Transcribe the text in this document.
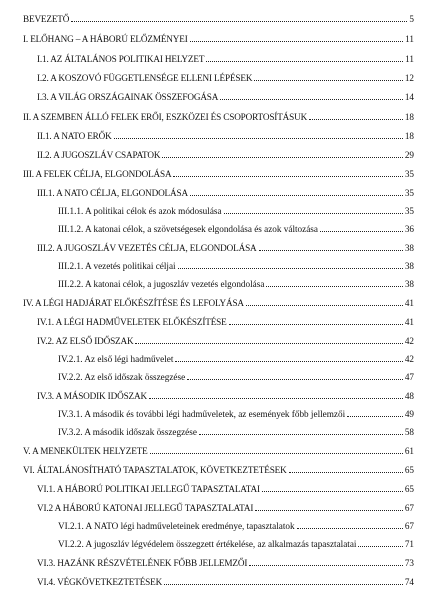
BEVEZETŐ	5
I. ELŐHANG – A HÁBORÚ ELŐZMÉNYEI	11
I.1. AZ ÁLTALÁNOS POLITIKAI HELYZET	11
I.2. A KOSZOVÓ FÜGGETLENSÉGE ELLENI LÉPÉSEK	12
I.3. A VILÁG ORSZÁGAINAK ÖSSZEFOGÁSA	14
II. A SZEMBEN ÁLLÓ FELEK ERŐI, ESZKÖZEI ÉS CSOPORTOSÍTÁSUK	18
II.1. A NATO ERŐK	18
II.2. A JUGOSZLÁV CSAPATOK	29
III. A FELEK CÉLJA, ELGONDOLÁSA	35
III.1. A NATO CÉLJA, ELGONDOLÁSA	35
III.1.1. A politikai célok és azok módosulása	35
III.1.2. A katonai célok, a szövetségesek elgondolása és azok változása	36
III.2. A JUGOSZLÁV VEZETÉS CÉLJA, ELGONDOLÁSA	38
III.2.1. A vezetés politikai céljai	38
III.2.2. A katonai célok, a jugoszláv vezetés elgondolása	38
IV. A LÉGI HADJÁRAT ELŐKÉSZÍTÉSE ÉS LEFOLYÁSA	41
IV.1. A LÉGI HADMŰVELETEK ELŐKÉSZÍTÉSE	41
IV.2. AZ ELSŐ IDŐSZAK	42
IV.2.1. Az első légi hadművelet	42
IV.2.2. Az első időszak összegzése	47
IV.3. A MÁSODIK IDŐSZAK	48
IV.3.1. A második és további légi hadműveletek, az események főbb jellemzői	49
IV.3.2. A második időszak összegzése	58
V. A MENEKÜLTEK HELYZETE	61
VI. ÁLTALÁNOSÍTHATÓ TAPASZTALATOK, KÖVETKEZTETÉSEK	65
VI.1. A HÁBORÚ POLITIKAI JELLEGŰ TAPASZTALATAI	65
VI.2 A HÁBORÚ KATONAI JELLEGŰ TAPASZTALATAI	67
VI.2.1. A NATO légi hadműveleteinek eredménye, tapasztalatok	67
VI.2.2. A jugoszláv légvédelem összegzett értékelése, az alkalmazás tapasztalatai	71
VI.3. HAZÁNK RÉSZVÉTELÉNEK FŐBB JELLEMZŐI	73
VI.4. VÉGKÖVETKEZTETÉSEK	74
